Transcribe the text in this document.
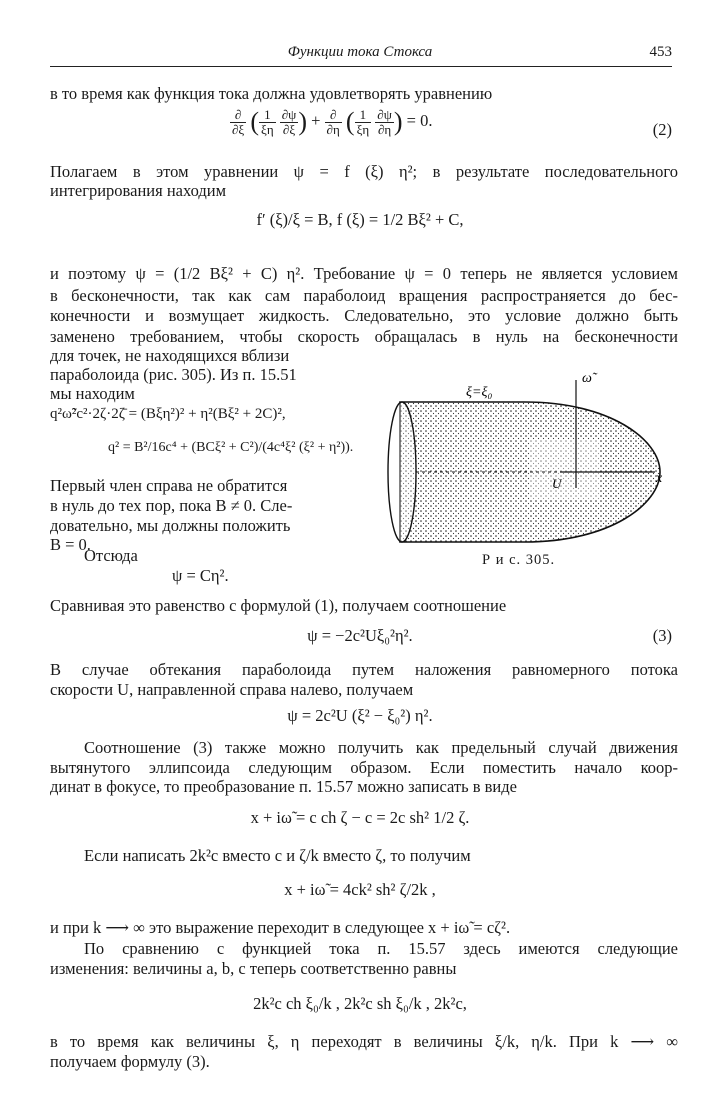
Функции тока Стокса	453
в то время как функция тока должна удовлетворять уравнению
$\frac{\partial}{\partial\xi}$ ( $\frac{1}{\xi\eta}$
$\frac{\partial\psi}{\partial\xi}$ ) + $\frac{\partial}{\partial\eta}$ ( $\frac{1}{\xi\eta}$
$\frac{\partial\psi}{\partial\eta}$ ) = 0.	(2)
Полагаем в этом уравнении ψ = f (ξ) η²; в результате последовательного
интегрирования находим
f′ (ξ)/ξ = B, f (ξ) = 1/2 Bξ² + C,
и поэтому ψ = (1/2 Bξ² + C) η². Требование ψ = 0 теперь не является условием
в бесконечности, так как сам параболоид вращения распространяется до бес-
конечности и возмущает жидкость. Следовательно, это условие должно быть
заменено требованием, чтобы скорость обращалась в нуль на бесконечности
для точек, не находящихся вблизи
параболоида (рис. 305). Из п. 15.51
мы находим
q²ω̃²c²·2ζ·2ζ̄ = (Bξη²)² + η²(Bξ² + 2C)²,
q² = B²/16c⁴ + (BCξ² + C²)/(4c⁴ξ² (ξ² + η²)).
Первый член справа не обратится
в нуль до тех пор, пока B ≠ 0. Сле-
довательно, мы должны положить
B = 0.
Отсюда
ψ = Cη².
ω̃
x
ξ=ξ₀
U
Р и с. 305.
Сравнивая это равенство с формулой (1), получаем соотношение
ψ = −2c²Uξ₀²η².	(3)
В случае обтекания параболоида путем наложения равномерного потока
скорости U, направленной справа налево, получаем
ψ = 2c²U (ξ² − ξ₀²) η².
Соотношение (3) также можно получить как предельный случай движения
вытянутого эллипсоида следующим образом. Если поместить начало коор-
динат в фокусе, то преобразование п. 15.57 можно записать в виде
x + iω̃ = c ch ζ − c = 2c sh² 1/2 ζ.
Если написать 2k²c вместо c и ζ/k вместо ζ, то получим
x + iω̃ = 4ck² sh² ζ/2k ,
и при k ⟶ ∞ это выражение переходит в следующее x + iω̃ = cζ².
По сравнению с функцией тока п. 15.57 здесь имеются следующие
изменения: величины a, b, c теперь соответственно равны
2k²c ch ξ₀/k , 2k²c sh ξ₀/k , 2k²c,
в то время как величины ξ, η переходят в величины ξ/k, η/k. При k ⟶ ∞
получаем формулу (3).
